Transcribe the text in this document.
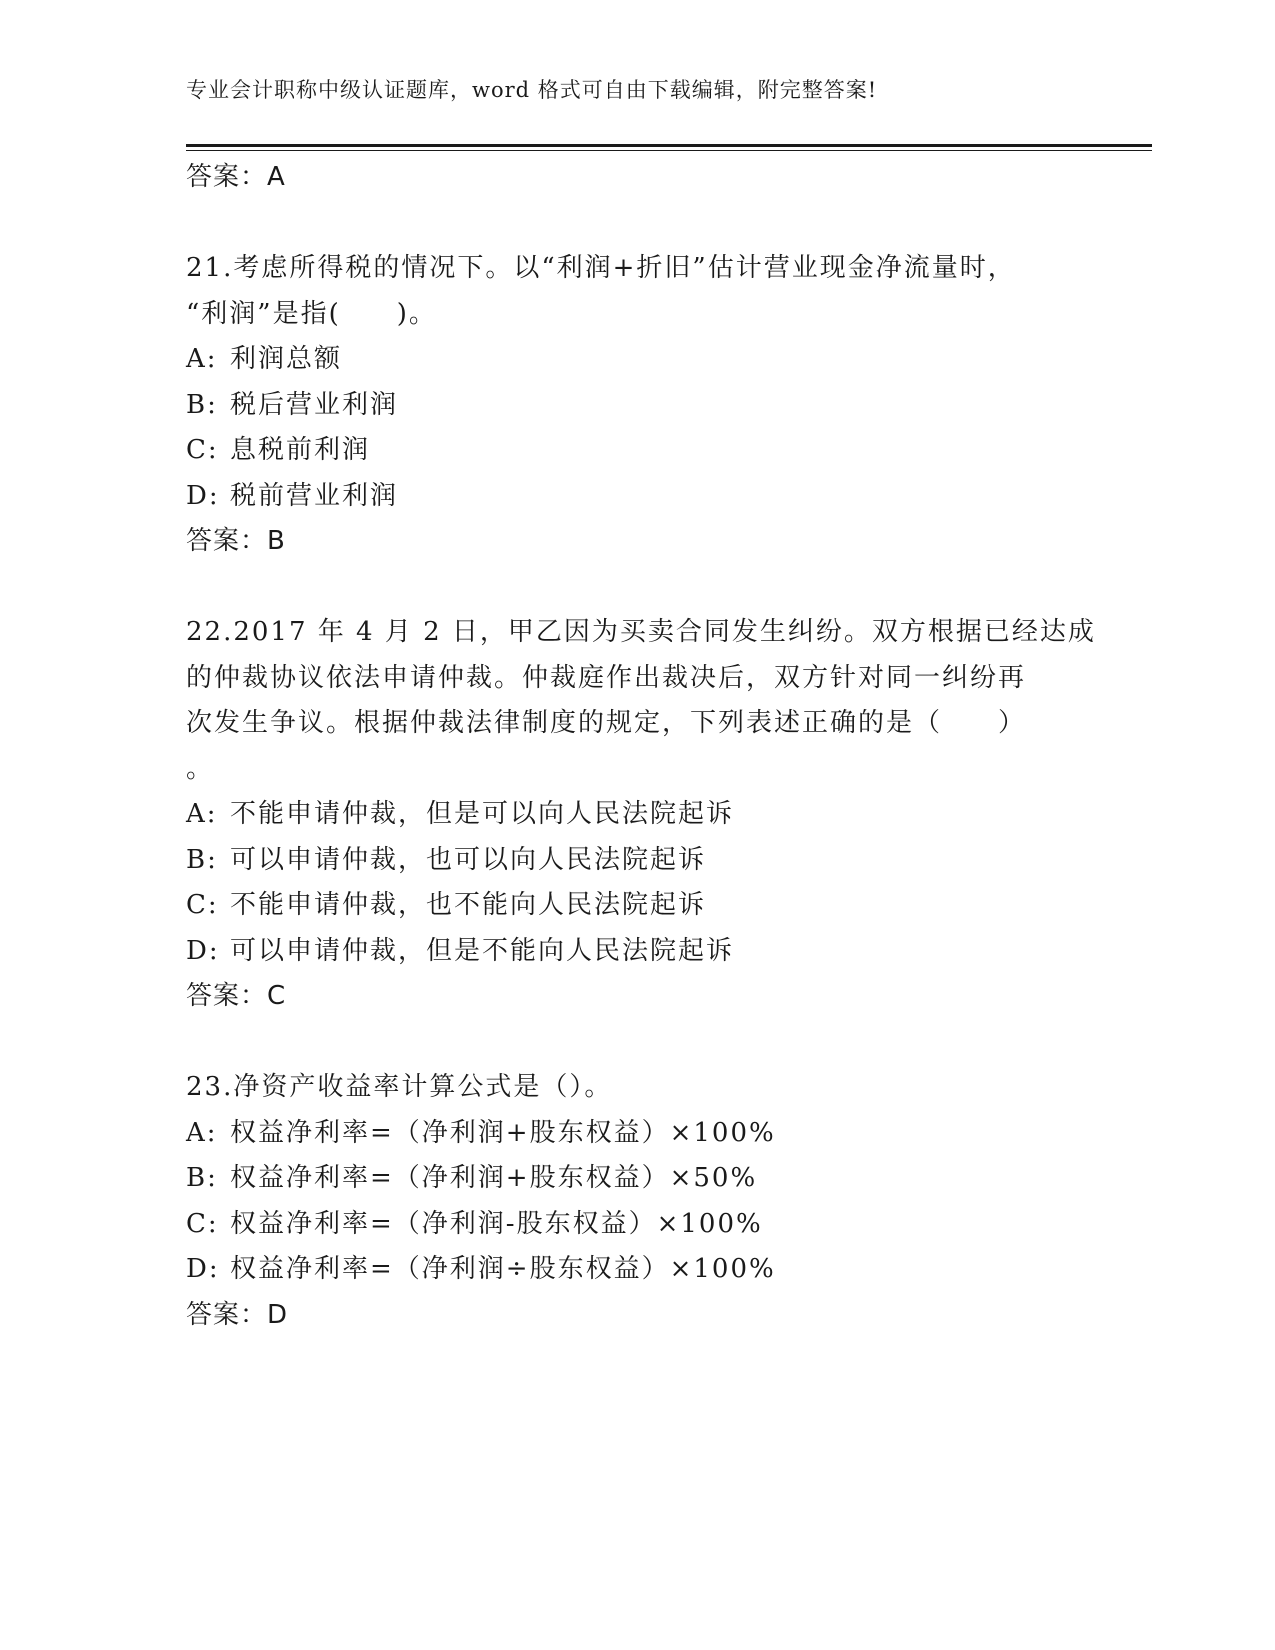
专业会计职称中级认证题库，word 格式可自由下载编辑，附完整答案!
答案：A
21.考虑所得税的情况下。以“利润+折旧”估计营业现金净流量时，
“利润”是指(　　)。
A: 利润总额
B: 税后营业利润
C: 息税前利润
D: 税前营业利润
答案：B
22.2017 年 4 月 2 日，甲乙因为买卖合同发生纠纷。双方根据已经达成
的仲裁协议依法申请仲裁。仲裁庭作出裁决后，双方针对同一纠纷再
次发生争议。根据仲裁法律制度的规定，下列表述正确的是（　　）
。
A: 不能申请仲裁，但是可以向人民法院起诉
B: 可以申请仲裁，也可以向人民法院起诉
C: 不能申请仲裁，也不能向人民法院起诉
D: 可以申请仲裁，但是不能向人民法院起诉
答案：C
23.净资产收益率计算公式是（）。
A: 权益净利率=（净利润+股东权益）×100%
B: 权益净利率=（净利润+股东权益）×50%
C: 权益净利率=（净利润-股东权益）×100%
D: 权益净利率=（净利润÷股东权益）×100%
答案：D
